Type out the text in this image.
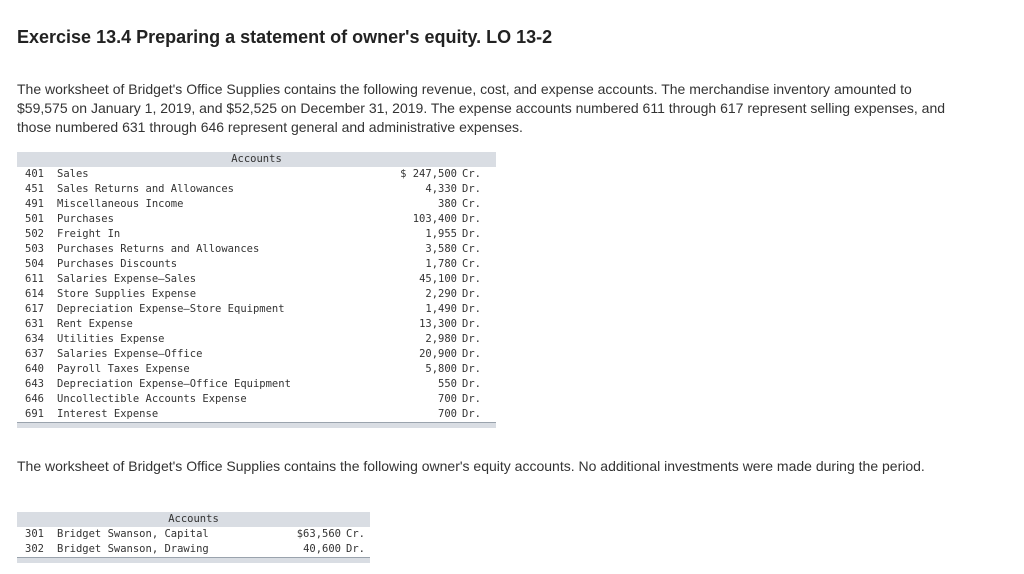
Exercise 13.4 Preparing a statement of owner's equity. LO 13-2

The worksheet of Bridget's Office Supplies contains the following revenue, cost, and expense accounts. The merchandise inventory amounted to $59,575 on January 1, 2019, and $52,525 on December 31, 2019. The expense accounts numbered 611 through 617 represent selling expenses, and those numbered 631 through 646 represent general and administrative expenses.

Accounts			
401	Sales	$ 247,500	Cr.
451	Sales Returns and Allowances	4,330	Dr.
491	Miscellaneous Income	380	Cr.
501	Purchases	103,400	Dr.
502	Freight In	1,955	Dr.
503	Purchases Returns and Allowances	3,580	Cr.
504	Purchases Discounts	1,780	Cr.
611	Salaries Expense—Sales	45,100	Dr.
614	Store Supplies Expense	2,290	Dr.
617	Depreciation Expense—Store Equipment	1,490	Dr.
631	Rent Expense	13,300	Dr.
634	Utilities Expense	2,980	Dr.
637	Salaries Expense—Office	20,900	Dr.
640	Payroll Taxes Expense	5,800	Dr.
643	Depreciation Expense—Office Equipment	550	Dr.
646	Uncollectible Accounts Expense	700	Dr.
691	Interest Expense	700	Dr.

The worksheet of Bridget's Office Supplies contains the following owner's equity accounts. No additional investments were made during the period.

Accounts			
301	Bridget Swanson, Capital	$63,560	Cr.
302	Bridget Swanson, Drawing	40,600	Dr.
